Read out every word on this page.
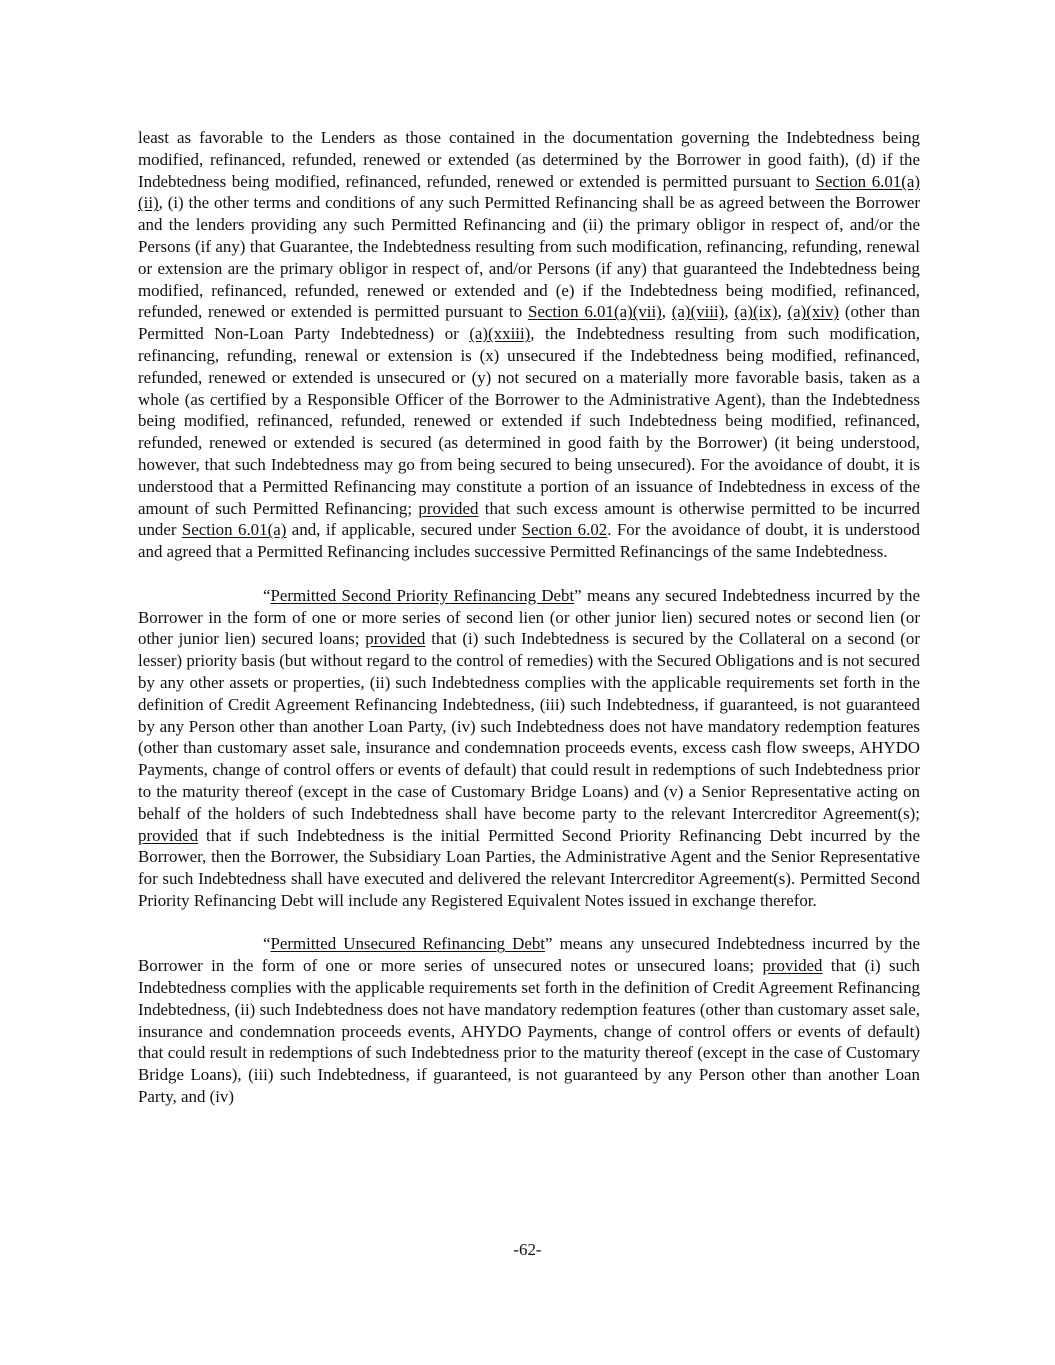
least as favorable to the Lenders as those contained in the documentation governing the Indebtedness being modified, refinanced, refunded, renewed or extended (as determined by the Borrower in good faith), (d) if the Indebtedness being modified, refinanced, refunded, renewed or extended is permitted pursuant to Section 6.01(a)(ii), (i) the other terms and conditions of any such Permitted Refinancing shall be as agreed between the Borrower and the lenders providing any such Permitted Refinancing and (ii) the primary obligor in respect of, and/or the Persons (if any) that Guarantee, the Indebtedness resulting from such modification, refinancing, refunding, renewal or extension are the primary obligor in respect of, and/or Persons (if any) that guaranteed the Indebtedness being modified, refinanced, refunded, renewed or extended and (e) if the Indebtedness being modified, refinanced, refunded, renewed or extended is permitted pursuant to Section 6.01(a)(vii), (a)(viii), (a)(ix), (a)(xiv) (other than Permitted Non-Loan Party Indebtedness) or (a)(xxiii), the Indebtedness resulting from such modification, refinancing, refunding, renewal or extension is (x) unsecured if the Indebtedness being modified, refinanced, refunded, renewed or extended is unsecured or (y) not secured on a materially more favorable basis, taken as a whole (as certified by a Responsible Officer of the Borrower to the Administrative Agent), than the Indebtedness being modified, refinanced, refunded, renewed or extended if such Indebtedness being modified, refinanced, refunded, renewed or extended is secured (as determined in good faith by the Borrower) (it being understood, however, that such Indebtedness may go from being secured to being unsecured). For the avoidance of doubt, it is understood that a Permitted Refinancing may constitute a portion of an issuance of Indebtedness in excess of the amount of such Permitted Refinancing; provided that such excess amount is otherwise permitted to be incurred under Section 6.01(a) and, if applicable, secured under Section 6.02. For the avoidance of doubt, it is understood and agreed that a Permitted Refinancing includes successive Permitted Refinancings of the same Indebtedness.

“Permitted Second Priority Refinancing Debt” means any secured Indebtedness incurred by the Borrower in the form of one or more series of second lien (or other junior lien) secured notes or second lien (or other junior lien) secured loans; provided that (i) such Indebtedness is secured by the Collateral on a second (or lesser) priority basis (but without regard to the control of remedies) with the Secured Obligations and is not secured by any other assets or properties, (ii) such Indebtedness complies with the applicable requirements set forth in the definition of Credit Agreement Refinancing Indebtedness, (iii) such Indebtedness, if guaranteed, is not guaranteed by any Person other than another Loan Party, (iv) such Indebtedness does not have mandatory redemption features (other than customary asset sale, insurance and condemnation proceeds events, excess cash flow sweeps, AHYDO Payments, change of control offers or events of default) that could result in redemptions of such Indebtedness prior to the maturity thereof (except in the case of Customary Bridge Loans) and (v) a Senior Representative acting on behalf of the holders of such Indebtedness shall have become party to the relevant Intercreditor Agreement(s); provided that if such Indebtedness is the initial Permitted Second Priority Refinancing Debt incurred by the Borrower, then the Borrower, the Subsidiary Loan Parties, the Administrative Agent and the Senior Representative for such Indebtedness shall have executed and delivered the relevant Intercreditor Agreement(s). Permitted Second Priority Refinancing Debt will include any Registered Equivalent Notes issued in exchange therefor.

“Permitted Unsecured Refinancing Debt” means any unsecured Indebtedness incurred by the Borrower in the form of one or more series of unsecured notes or unsecured loans; provided that (i) such Indebtedness complies with the applicable requirements set forth in the definition of Credit Agreement Refinancing Indebtedness, (ii) such Indebtedness does not have mandatory redemption features (other than customary asset sale, insurance and condemnation proceeds events, AHYDO Payments, change of control offers or events of default) that could result in redemptions of such Indebtedness prior to the maturity thereof (except in the case of Customary Bridge Loans), (iii) such Indebtedness, if guaranteed, is not guaranteed by any Person other than another Loan Party, and (iv)

-62-
